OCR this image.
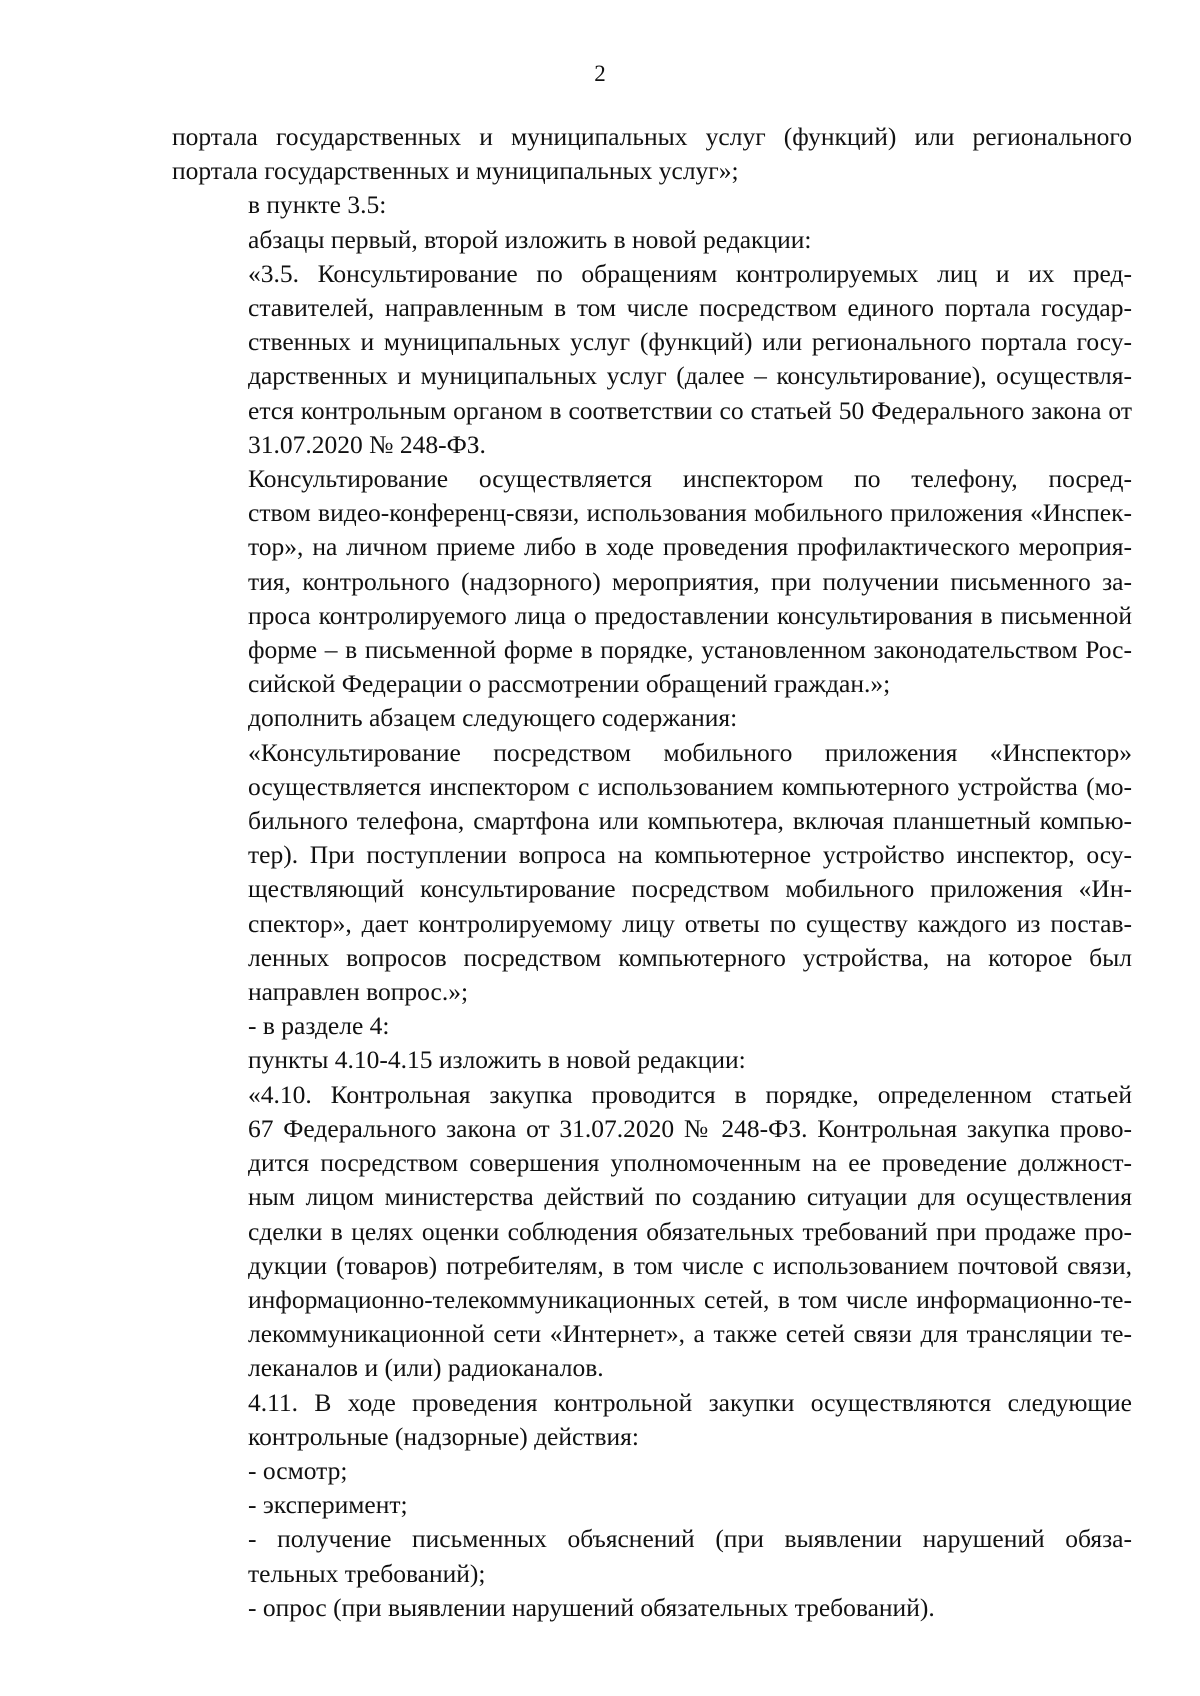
2
портала государственных и муниципальных услуг (функций) или регионального
портала государственных и муниципальных услуг»;
в пункте 3.5:
абзацы первый, второй изложить в новой редакции:
«3.5. Консультирование по обращениям контролируемых лиц и их пред-
ставителей, направленным в том числе посредством единого портала государ-
ственных и муниципальных услуг (функций) или регионального портала госу-
дарственных и муниципальных услуг (далее – консультирование), осуществля-
ется контрольным органом в соответствии со статьей 50 Федерального закона от
31.07.2020 № 248-ФЗ.
Консультирование осуществляется инспектором по телефону, посред-
ством видео-конференц-связи, использования мобильного приложения «Инспек-
тор», на личном приеме либо в ходе проведения профилактического мероприя-
тия, контрольного (надзорного) мероприятия, при получении письменного за-
проса контролируемого лица о предоставлении консультирования в письменной
форме – в письменной форме в порядке, установленном законодательством Рос-
сийской Федерации о рассмотрении обращений граждан.»;
дополнить абзацем следующего содержания:
«Консультирование посредством мобильного приложения «Инспектор»
осуществляется инспектором с использованием компьютерного устройства (мо-
бильного телефона, смартфона или компьютера, включая планшетный компью-
тер). При поступлении вопроса на компьютерное устройство инспектор, осу-
ществляющий консультирование посредством мобильного приложения «Ин-
спектор», дает контролируемому лицу ответы по существу каждого из постав-
ленных вопросов посредством компьютерного устройства, на которое был
направлен вопрос.»;
- в разделе 4:
пункты 4.10-4.15 изложить в новой редакции:
«4.10. Контрольная закупка проводится в порядке, определенном статьей
67 Федерального закона от 31.07.2020 № 248-ФЗ. Контрольная закупка прово-
дится посредством совершения уполномоченным на ее проведение должност-
ным лицом министерства действий по созданию ситуации для осуществления
сделки в целях оценки соблюдения обязательных требований при продаже про-
дукции (товаров) потребителям, в том числе с использованием почтовой связи,
информационно-телекоммуникационных сетей, в том числе информационно-те-
лекоммуникационной сети «Интернет», а также сетей связи для трансляции те-
леканалов и (или) радиоканалов.
4.11. В ходе проведения контрольной закупки осуществляются следующие
контрольные (надзорные) действия:
- осмотр;
- эксперимент;
- получение письменных объяснений (при выявлении нарушений обяза-
тельных требований);
- опрос (при выявлении нарушений обязательных требований).
